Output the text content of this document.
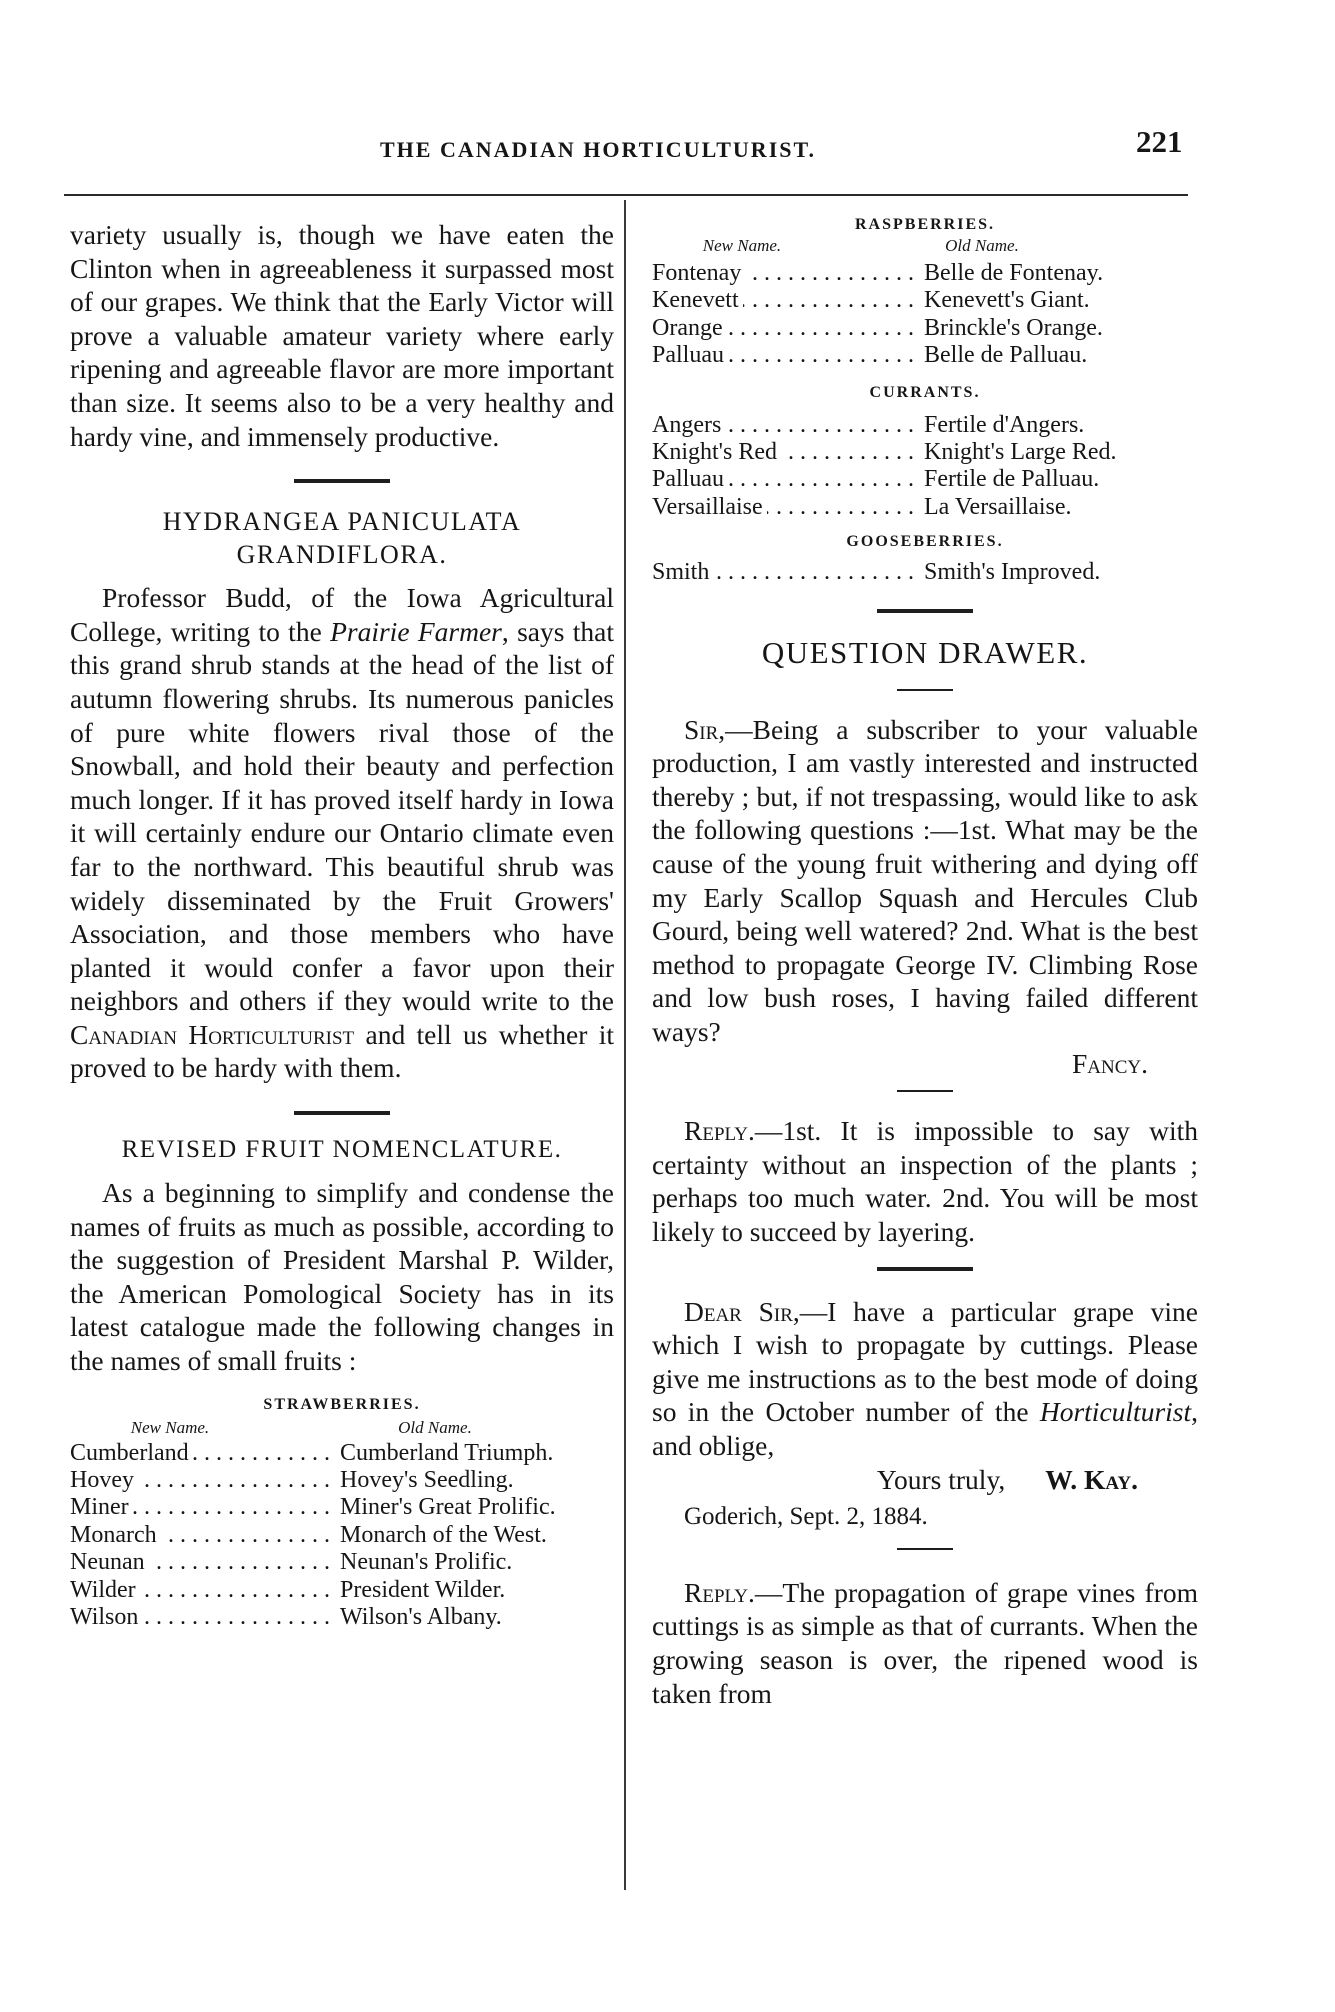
THE CANADIAN HORTICULTURIST.	221

variety usually is, though we have eaten the Clinton when in agreeableness it surpassed most of our grapes. We think that the Early Victor will prove a valuable amateur variety where early ripening and agreeable flavor are more important than size. It seems also to be a very healthy and hardy vine, and immensely productive.

HYDRANGEA PANICULATA
GRANDIFLORA.

Professor Budd, of the Iowa Agricultural College, writing to the Prairie Farmer, says that this grand shrub stands at the head of the list of autumn flowering shrubs. Its numerous panicles of pure white flowers rival those of the Snowball, and hold their beauty and perfection much longer. If it has proved itself hardy in Iowa it will certainly endure our Ontario climate even far to the northward. This beautiful shrub was widely disseminated by the Fruit Growers' Association, and those members who have planted it would confer a favor upon their neighbors and others if they would write to the Canadian Horticulturist and tell us whether it proved to be hardy with them.

REVISED FRUIT NOMENCLATURE.

As a beginning to simplify and condense the names of fruits as much as possible, according to the suggestion of President Marshal P. Wilder, the American Pomological Society has in its latest catalogue made the following changes in the names of small fruits :

STRAWBERRIES.
New Name.	Old Name.
Cumberland . . .	Cumberland Triumph.
Hovey . . .	Hovey's Seedling.
Miner . . .	Miner's Great Prolific.
Monarch . . .	Monarch of the West.
Neunan . . .	Neunan's Prolific.
Wilder . . .	President Wilder.
Wilson . . .	Wilson's Albany.
RASPBERRIES.
New Name.	Old Name.
Fontenay . . .	Belle de Fontenay.
Kenevett . . .	Kenevett's Giant.
Orange . . .	Brinckle's Orange.
Palluau . . .	Belle de Palluau.
CURRANTS.
Angers . . .	Fertile d'Angers.
Knight's Red . . .	Knight's Large Red.
Palluau . . .	Fertile de Palluau.
Versaillaise . . .	La Versaillaise.
GOOSEBERRIES.
Smith . . .	Smith's Improved.
QUESTION DRAWER.

Sir,—Being a subscriber to your valuable production, I am vastly interested and instructed thereby ; but, if not trespassing, would like to ask the following questions :—1st. What may be the cause of the young fruit withering and dying off my Early Scallop Squash and Hercules Club Gourd, being well watered? 2nd. What is the best method to propagate George IV. Climbing Rose and low bush roses, I having failed different ways?

Fancy.

Reply.—1st. It is impossible to say with certainty without an inspection of the plants ; perhaps too much water. 2nd. You will be most likely to succeed by layering.

Dear Sir,—I have a particular grape vine which I wish to propagate by cuttings. Please give me instructions as to the best mode of doing so in the October number of the Horticulturist, and oblige,

Yours truly, W. Kay.

Goderich, Sept. 2, 1884.

Reply.—The propagation of grape vines from cuttings is as simple as that of currants. When the growing season is over, the ripened wood is taken from
